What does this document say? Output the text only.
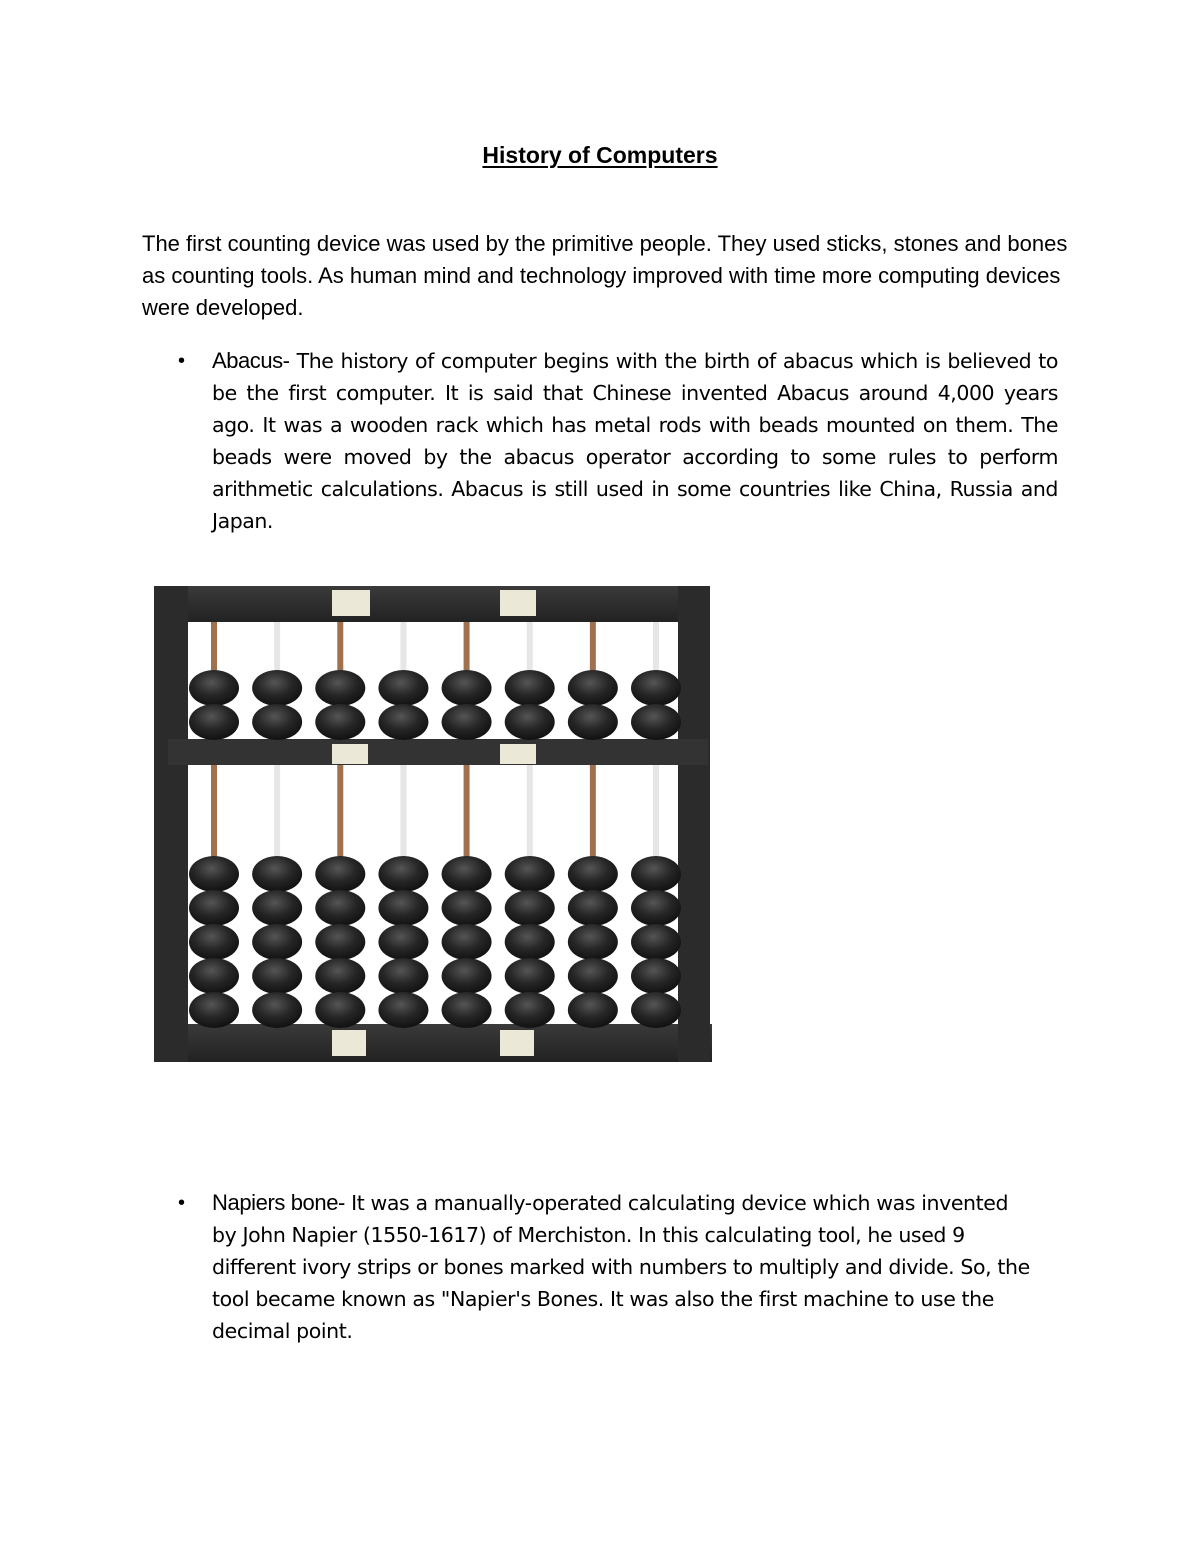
History of Computers

The first counting device was used by the primitive people. They used sticks, stones and bones as counting tools. As human mind and technology improved with time more computing devices were developed.

• Abacus- The history of computer begins with the birth of abacus which is believed to be the first computer. It is said that Chinese invented Abacus around 4,000 years ago. It was a wooden rack which has metal rods with beads mounted on them. The beads were moved by the abacus operator according to some rules to perform arithmetic calculations. Abacus is still used in some countries like China, Russia and Japan.

• Napiers bone- It was a manually-operated calculating device which was invented by John Napier (1550-1617) of Merchiston. In this calculating tool, he used 9 different ivory strips or bones marked with numbers to multiply and divide. So, the tool became known as "Napier's Bones. It was also the first machine to use the decimal point.
